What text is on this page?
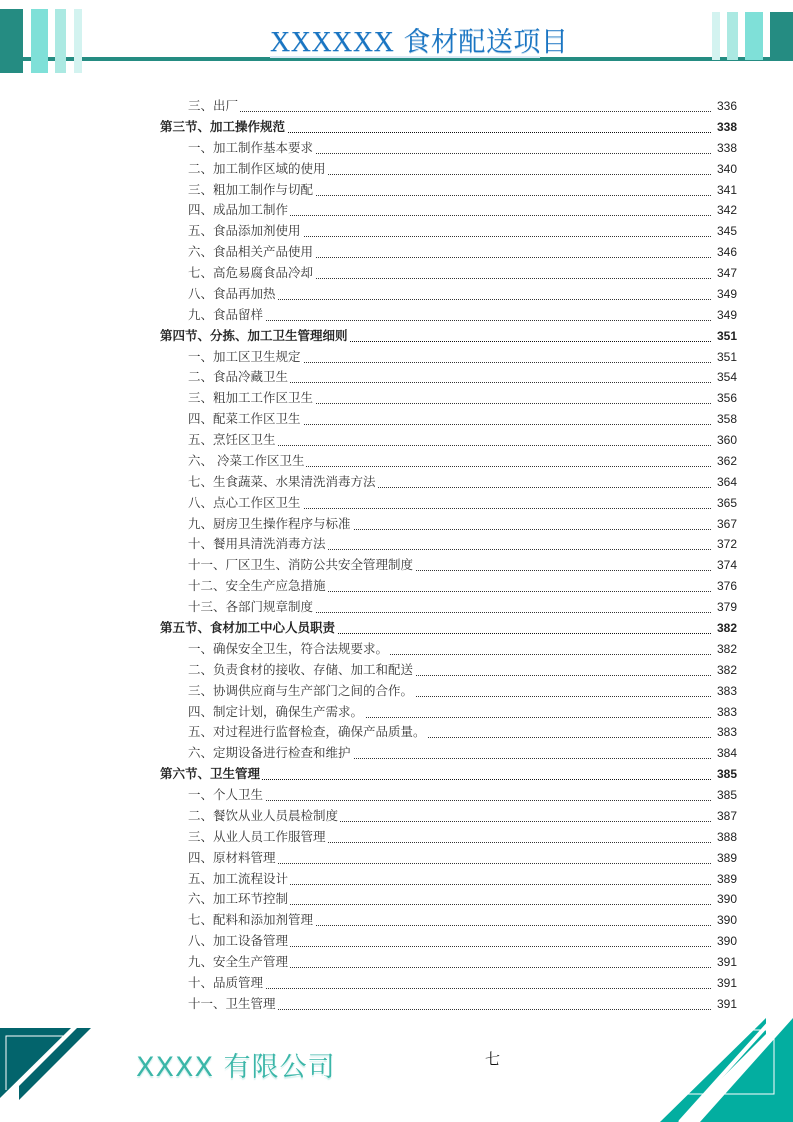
XXXXXX 食材配送项目
三、出厂	336
第三节、加工操作规范	338
一、加工制作基本要求	338
二、加工制作区域的使用	340
三、粗加工制作与切配	341
四、成品加工制作	342
五、食品添加剂使用	345
六、食品相关产品使用	346
七、高危易腐食品冷却	347
八、食品再加热	349
九、食品留样	349
第四节、分拣、加工卫生管理细则	351
一、加工区卫生规定	351
二、食品冷藏卫生	354
三、粗加工工作区卫生	356
四、配菜工作区卫生	358
五、烹饪区卫生	360
六、 冷菜工作区卫生	362
七、生食蔬菜、水果清洗消毒方法	364
八、点心工作区卫生	365
九、厨房卫生操作程序与标准	367
十、餐用具清洗消毒方法	372
十一、厂区卫生、消防公共安全管理制度	374
十二、安全生产应急措施	376
十三、各部门规章制度	379
第五节、食材加工中心人员职责	382
一、确保安全卫生，符合法规要求。	382
二、负责食材的接收、存储、加工和配送	382
三、协调供应商与生产部门之间的合作。	383
四、制定计划，确保生产需求。	383
五、对过程进行监督检查，确保产品质量。	383
六、定期设备进行检查和维护	384
第六节、卫生管理	385
一、个人卫生	385
二、餐饮从业人员晨检制度	387
三、从业人员工作服管理	388
四、原材料管理	389
五、加工流程设计	389
六、加工环节控制	390
七、配料和添加剂管理	390
八、加工设备管理	390
九、安全生产管理	391
十、品质管理	391
十一、卫生管理	391
XXXX 有限公司	七
